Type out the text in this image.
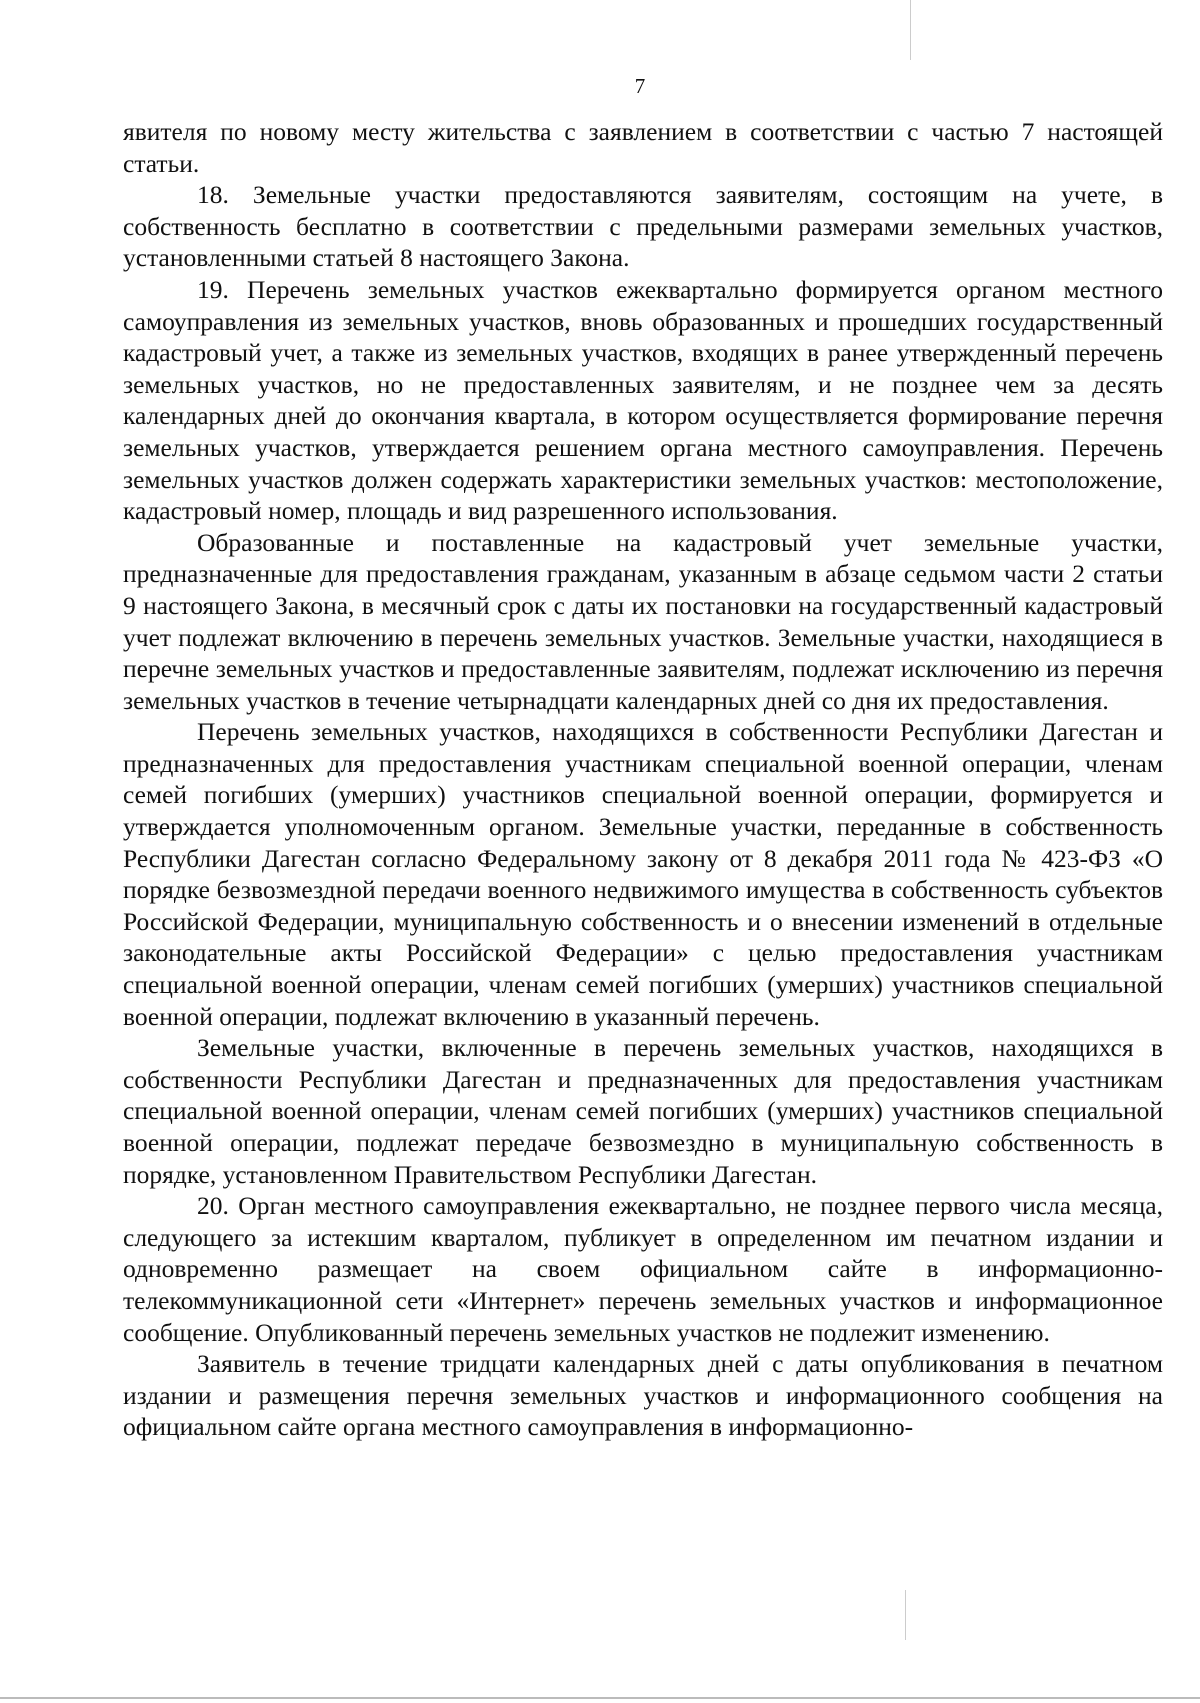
7

явителя по новому месту жительства с заявлением в соответствии с частью 7 настоящей статьи.

18. Земельные участки предоставляются заявителям, состоящим на учете, в собственность бесплатно в соответствии с предельными размерами земельных участков, установленными статьей 8 настоящего Закона.

19. Перечень земельных участков ежеквартально формируется органом местного самоуправления из земельных участков, вновь образованных и прошедших государственный кадастровый учет, а также из земельных участков, входящих в ранее утвержденный перечень земельных участков, но не предоставленных заявителям, и не позднее чем за десять календарных дней до окончания квартала, в котором осуществляется формирование перечня земельных участков, утверждается решением органа местного самоуправления. Перечень земельных участков должен содержать характеристики земельных участков: местоположение, кадастровый номер, площадь и вид разрешенного использования.

Образованные и поставленные на кадастровый учет земельные участки, предназначенные для предоставления гражданам, указанным в абзаце седьмом части 2 статьи 9 настоящего Закона, в месячный срок с даты их постановки на государственный кадастровый учет подлежат включению в перечень земельных участков. Земельные участки, находящиеся в перечне земельных участков и предоставленные заявителям, подлежат исключению из перечня земельных участков в течение четырнадцати календарных дней со дня их предоставления.

Перечень земельных участков, находящихся в собственности Республики Дагестан и предназначенных для предоставления участникам специальной военной операции, членам семей погибших (умерших) участников специальной военной операции, формируется и утверждается уполномоченным органом. Земельные участки, переданные в собственность Республики Дагестан согласно Федеральному закону от 8 декабря 2011 года № 423-ФЗ «О порядке безвозмездной передачи военного недвижимого имущества в собственность субъектов Российской Федерации, муниципальную собственность и о внесении изменений в отдельные законодательные акты Российской Федерации» с целью предоставления участникам специальной военной операции, членам семей погибших (умерших) участников специальной военной операции, подлежат включению в указанный перечень.

Земельные участки, включенные в перечень земельных участков, находящихся в собственности Республики Дагестан и предназначенных для предоставления участникам специальной военной операции, членам семей погибших (умерших) участников специальной военной операции, подлежат передаче безвозмездно в муниципальную собственность в порядке, установленном Правительством Республики Дагестан.

20. Орган местного самоуправления ежеквартально, не позднее первого числа месяца, следующего за истекшим кварталом, публикует в определенном им печатном издании и одновременно размещает на своем официальном сайте в информационно-телекоммуникационной сети «Интернет» перечень земельных участков и информационное сообщение. Опубликованный перечень земельных участков не подлежит изменению.

Заявитель в течение тридцати календарных дней с даты опубликования в печатном издании и размещения перечня земельных участков и информационного сообщения на официальном сайте органа местного самоуправления в информационно-
